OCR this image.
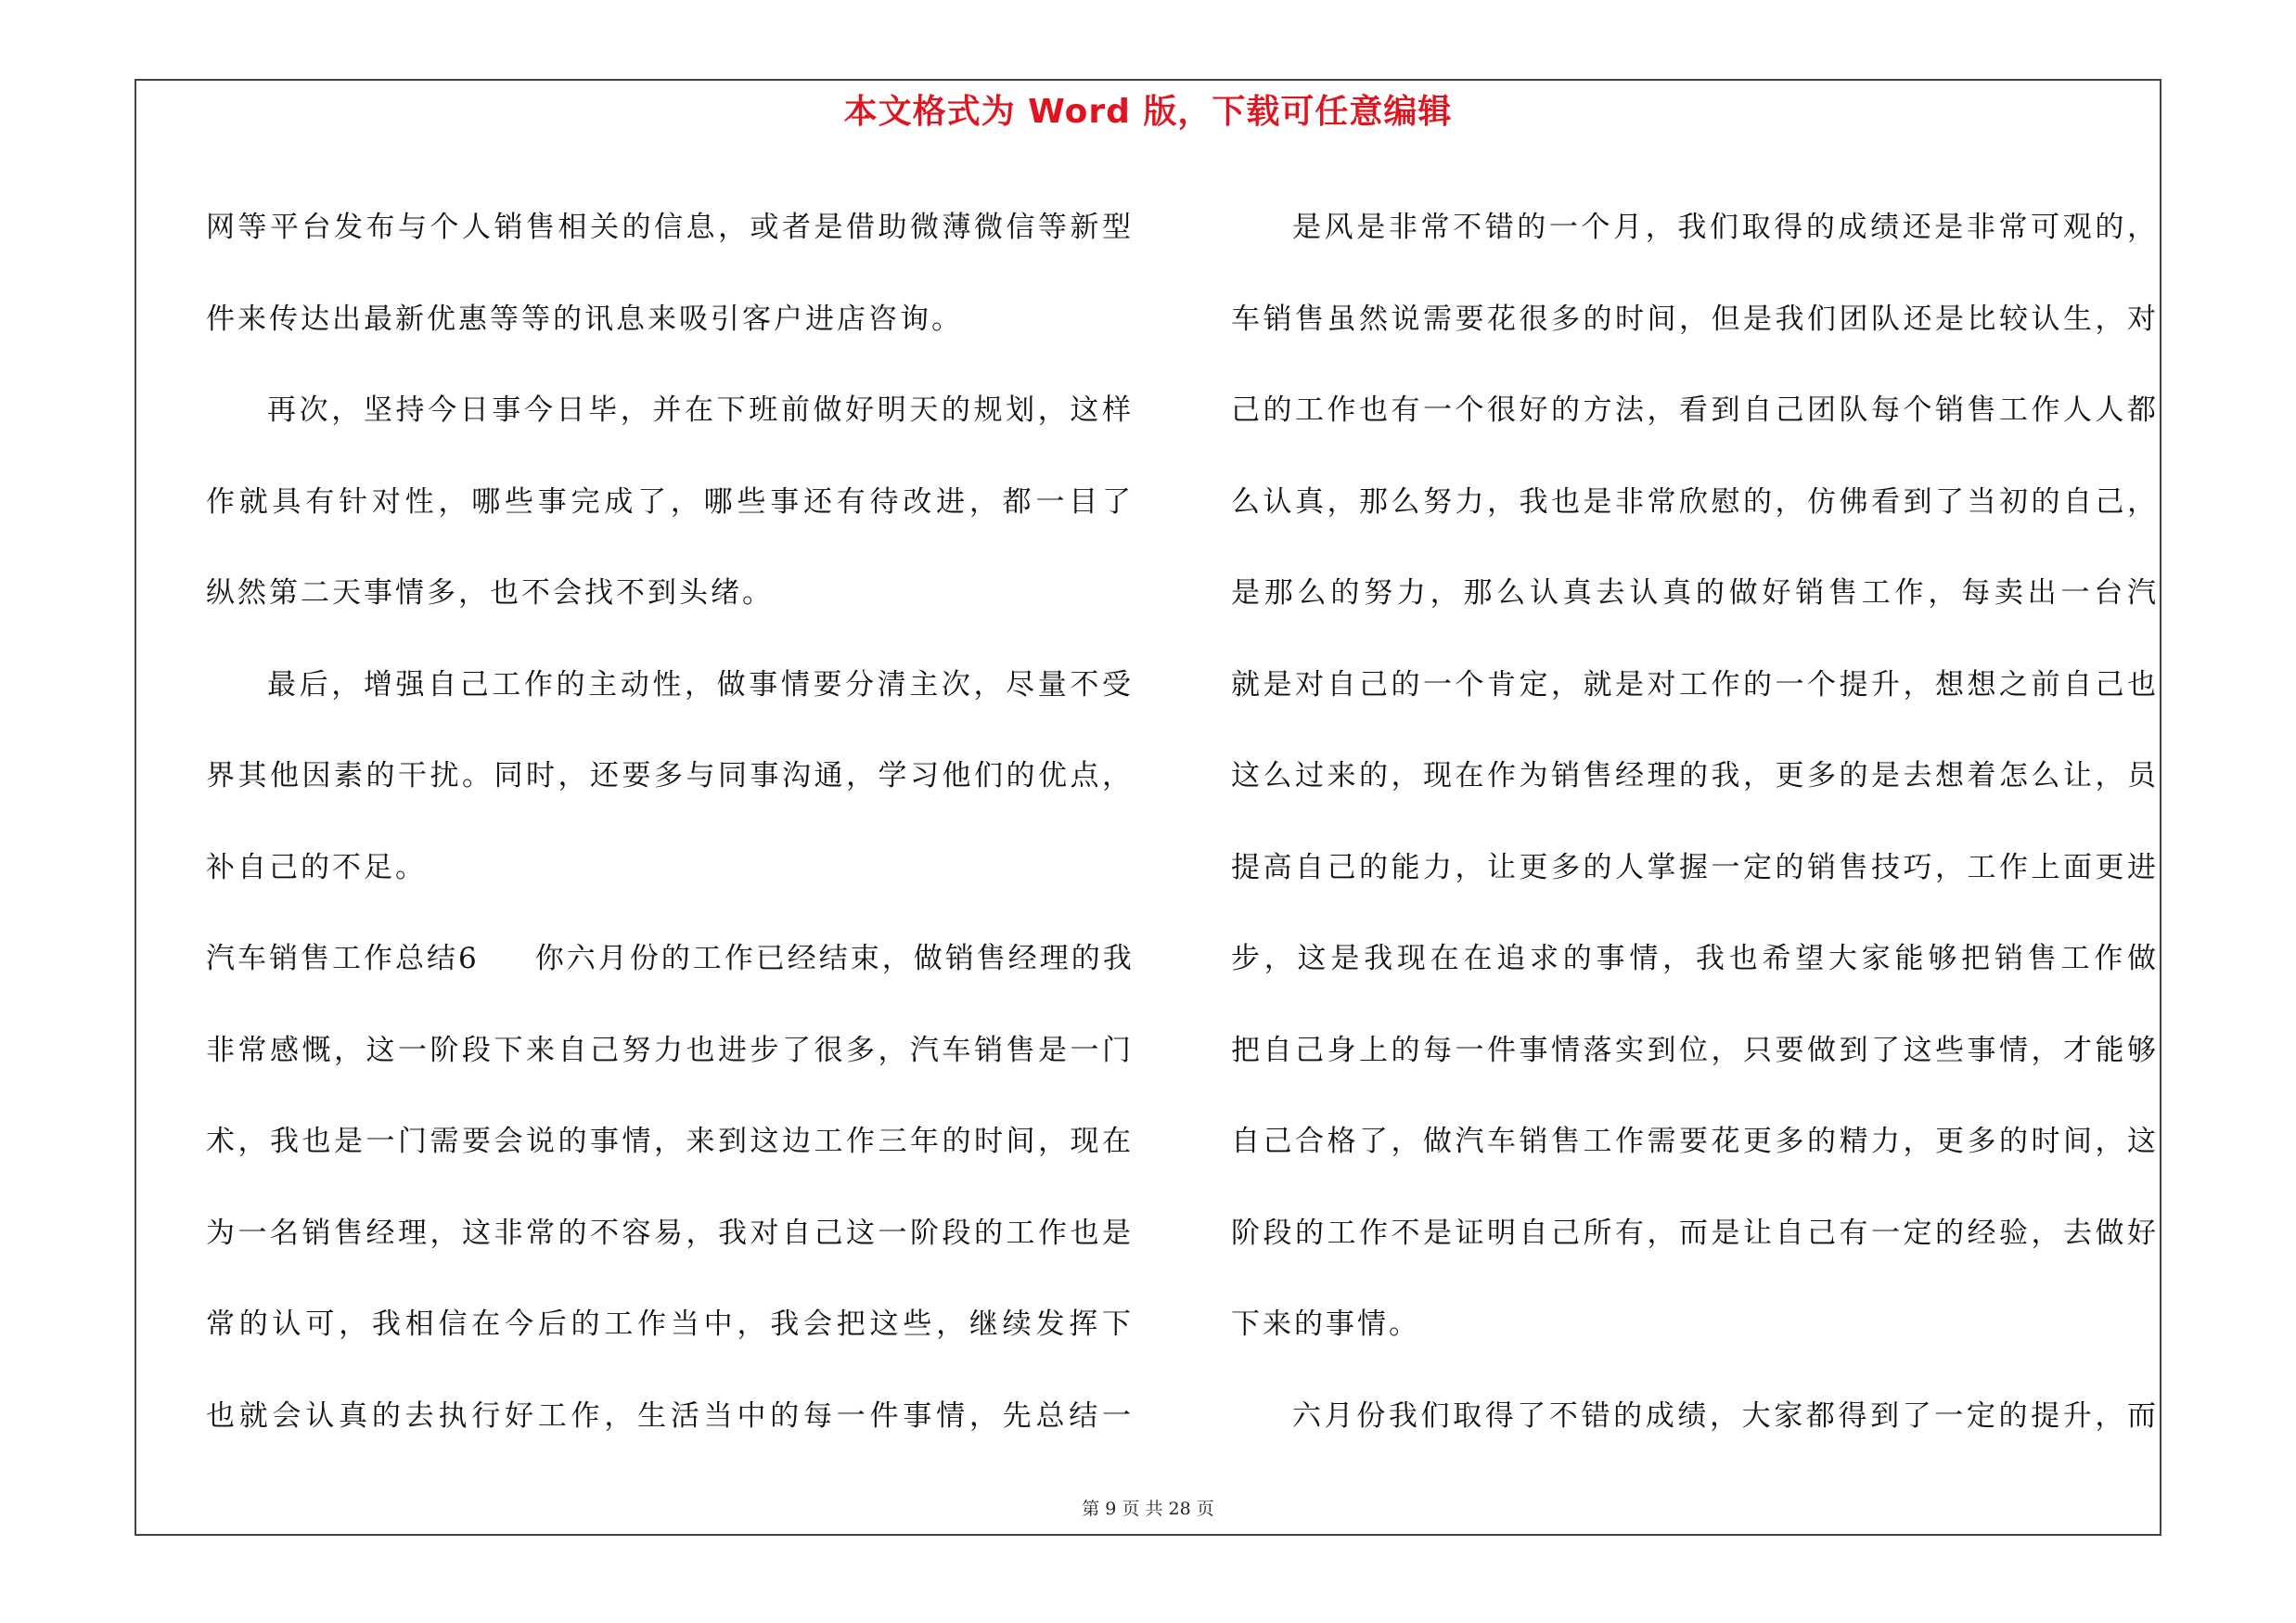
本文格式为 Word 版，下载可任意编辑
网等平台发布与个人销售相关的信息，或者是借助微薄微信等新型
件来传达出最新优惠等等的讯息来吸引客户进店咨询。
再次，坚持今日事今日毕，并在下班前做好明天的规划，这样
作就具有针对性，哪些事完成了，哪些事还有待改进，都一目了
纵然第二天事情多，也不会找不到头绪。
最后，增强自己工作的主动性，做事情要分清主次，尽量不受
界其他因素的干扰。同时，还要多与同事沟通，学习他们的优点，
补自己的不足。
汽车销售工作总结6 你六月份的工作已经结束，做销售经理的我
非常感慨，这一阶段下来自己努力也进步了很多，汽车销售是一门
术，我也是一门需要会说的事情，来到这边工作三年的时间，现在
为一名销售经理，这非常的不容易，我对自己这一阶段的工作也是
常的认可，我相信在今后的工作当中，我会把这些，继续发挥下
也就会认真的去执行好工作，生活当中的每一件事情，先总结一
是风是非常不错的一个月，我们取得的成绩还是非常可观的，
车销售虽然说需要花很多的时间，但是我们团队还是比较认生，对
己的工作也有一个很好的方法，看到自己团队每个销售工作人人都
么认真，那么努力，我也是非常欣慰的，仿佛看到了当初的自己，
是那么的努力，那么认真去认真的做好销售工作，每卖出一台汽
就是对自己的一个肯定，就是对工作的一个提升，想想之前自己也
这么过来的，现在作为销售经理的我，更多的是去想着怎么让，员
提高自己的能力，让更多的人掌握一定的销售技巧，工作上面更进
步，这是我现在在追求的事情，我也希望大家能够把销售工作做
把自己身上的每一件事情落实到位，只要做到了这些事情，才能够
自己合格了，做汽车销售工作需要花更多的精力，更多的时间，这
阶段的工作不是证明自己所有，而是让自己有一定的经验，去做好
下来的事情。
六月份我们取得了不错的成绩，大家都得到了一定的提升，而
第 9 页 共 28 页
